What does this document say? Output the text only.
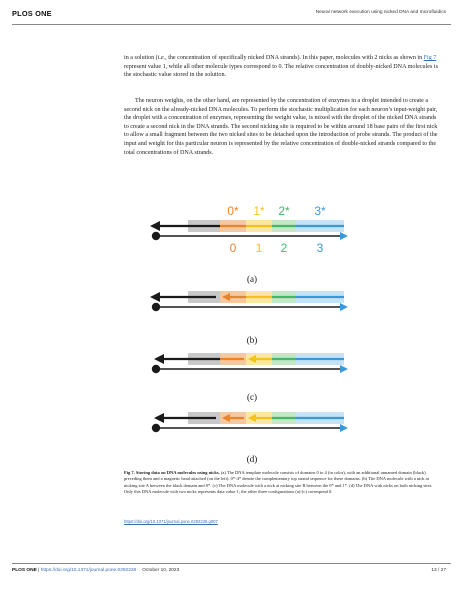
PLOS ONE	Neural network execution using nicked DNA and microfluidics
in a solution (i.e., the concentration of specifically nicked DNA strands). In this paper, molecules with 2 nicks as shown in Fig 7 represent value 1, while all other molecule types correspond to 0. The relative concentration of doubly-nicked DNA molecules is the stochastic value stored in the solution.
The neuron weights, on the other hand, are represented by the concentration of enzymes in a droplet intended to create a second nick on the already-nicked DNA molecules. To perform the stochastic multiplication for each neuron’s input-weight pair, the droplet with a concentration of enzymes, representing the weight value, is mixed with the droplet of the nicked DNA strands to create a second nick in the DNA strands. The second nicking site is required to be within around 18 base pairs of the first nick to allow a small fragment between the two nicked sites to be detached upon the introduction of probe strands. The product of the input and weight for this particular neuron is represented by the relative concentration of double-nicked strands compared to the total concentrations of DNA strands.
0* 1* 2* 3*
0 1 2 3
(a)
(b)
(c)
(d)
Fig 7. Storing data on DNA molecules using nicks. (a) The DNA template molecule consists of domains 0 to 4 (in color), with an additional unnamed domain (black) preceding them and a magnetic bead attached (on the left). 0*-4* denote the complementary top strand sequence for these domains. (b) The DNA molecule with a nick at nicking site A between the black domain and 0*. (c) The DNA molecule with a nick at nicking site B between the 0* and 1*. (d) The DNA with nicks on both nicking sites. Only this DNA molecule with two nicks represents data value 1; the other three configurations (a)-(c) correspond 0.
https://doi.org/10.1371/journal.pone.0292228.g007
PLOS ONE | https://doi.org/10.1371/journal.pone.0292228 October 10, 2023	13 / 27
